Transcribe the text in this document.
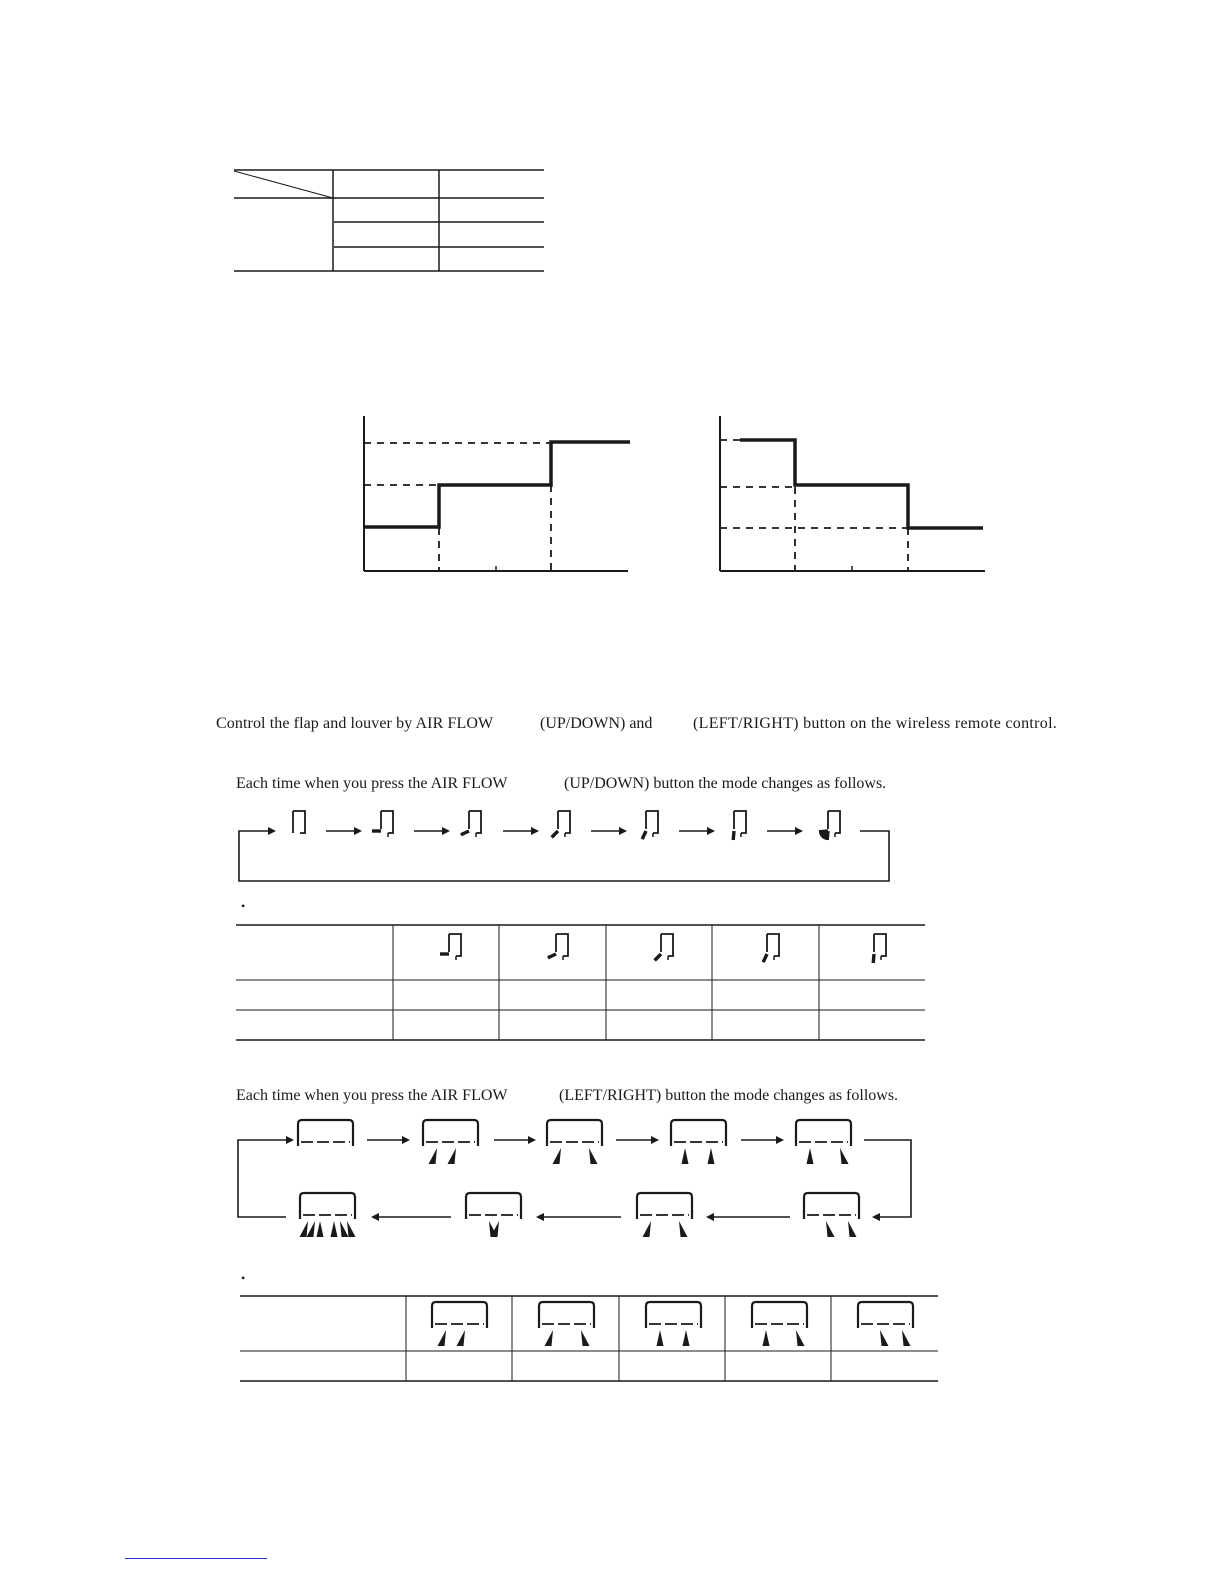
Control the flap and louver by AIR FLOW	(UP/DOWN) and	(LEFT/RIGHT) button on the wireless remote control.
Each time when you press the AIR FLOW	(UP/DOWN) button the mode changes as follows.
•
Each time when you press the AIR FLOW	(LEFT/RIGHT) button the mode changes as follows.
•
